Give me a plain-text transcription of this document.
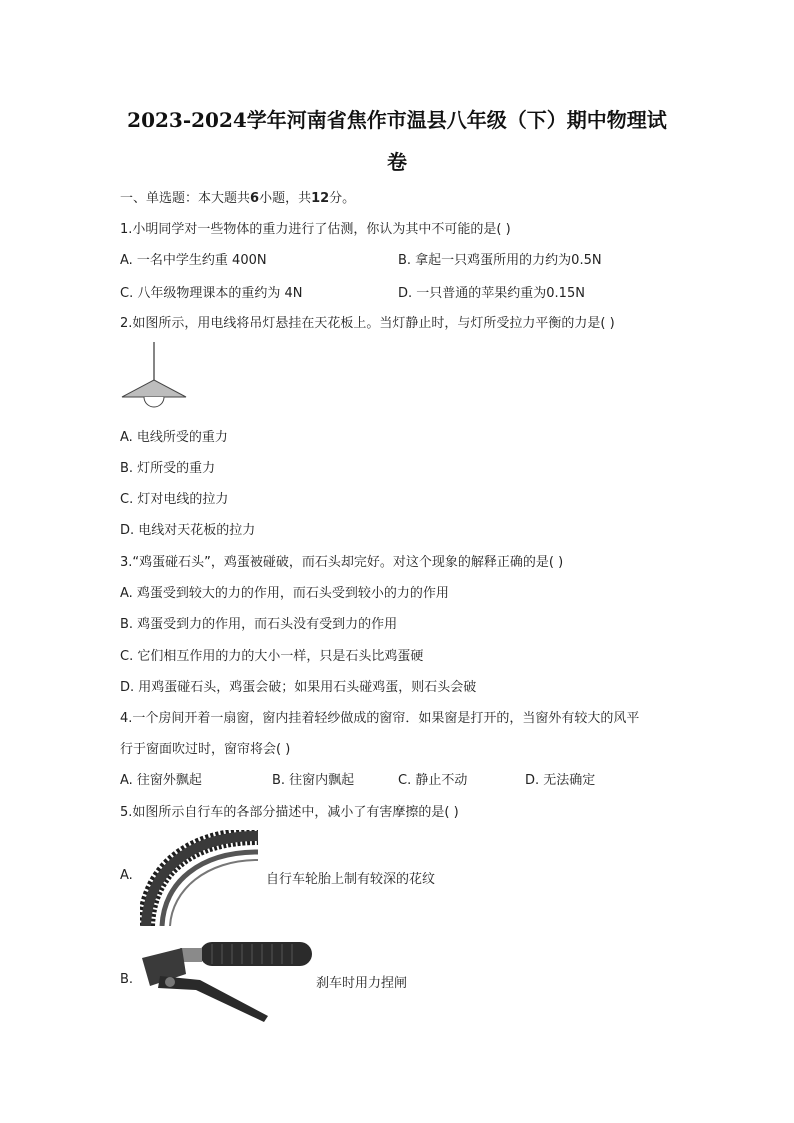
2023-2024学年河南省焦作市温县八年级（下）期中物理试
卷
一、单选题：本大题共6小题，共12分。
1.小明同学对一些物体的重力进行了估测，你认为其中不可能的是( )
A. 一名中学生约重 400N	B. 拿起一只鸡蛋所用的力约为0.5N
C. 八年级物理课本的重约为 4N	D. 一只普通的苹果约重为0.15N
2.如图所示，用电线将吊灯悬挂在天花板上。当灯静止时，与灯所受拉力平衡的力是( )
A. 电线所受的重力
B. 灯所受的重力
C. 灯对电线的拉力
D. 电线对天花板的拉力
3.“鸡蛋碰石头”，鸡蛋被碰破，而石头却完好。对这个现象的解释正确的是( )
A. 鸡蛋受到较大的力的作用，而石头受到较小的力的作用
B. 鸡蛋受到力的作用，而石头没有受到力的作用
C. 它们相互作用的力的大小一样，只是石头比鸡蛋硬
D. 用鸡蛋碰石头，鸡蛋会破；如果用石头碰鸡蛋，则石头会破
4.一个房间开着一扇窗，窗内挂着轻纱做成的窗帘．如果窗是打开的，当窗外有较大的风平
行于窗面吹过时，窗帘将会( )
A. 往窗外飘起	B. 往窗内飘起	C. 静止不动	D. 无法确定
5.如图所示自行车的各部分描述中，减小了有害摩擦的是( )
A.	自行车轮胎上制有较深的花纹
B.	刹车时用力捏闸
